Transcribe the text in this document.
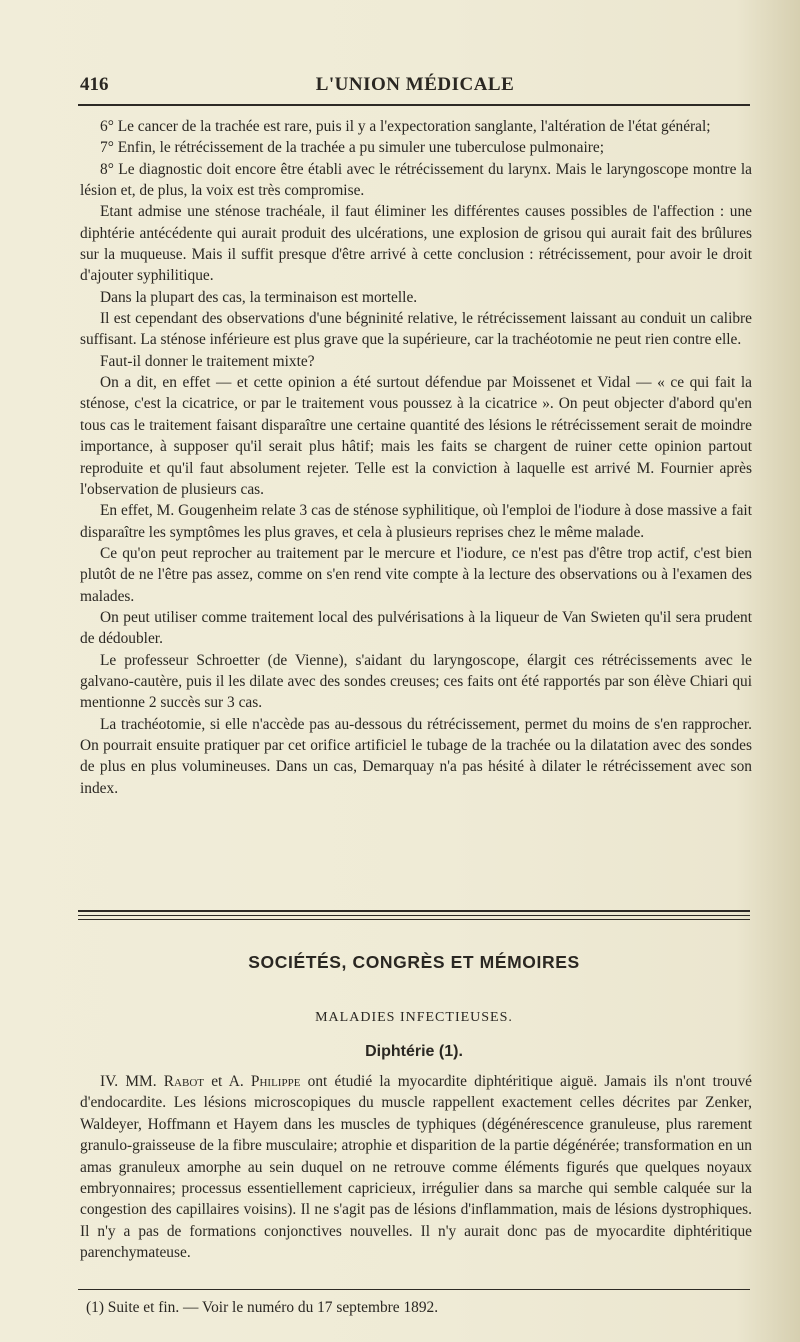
416	L'UNION MÉDICALE

6° Le cancer de la trachée est rare, puis il y a l'expectoration sanglante, l'altération de l'état général;

7° Enfin, le rétrécissement de la trachée a pu simuler une tuberculose pulmonaire;

8° Le diagnostic doit encore être établi avec le rétrécissement du larynx. Mais le laryngoscope montre la lésion et, de plus, la voix est très compromise.

Etant admise une sténose trachéale, il faut éliminer les différentes causes possibles de l'affection : une diphtérie antécédente qui aurait produit des ulcérations, une explosion de grisou qui aurait fait des brûlures sur la muqueuse. Mais il suffit presque d'être arrivé à cette conclusion : rétrécissement, pour avoir le droit d'ajouter syphilitique.

Dans la plupart des cas, la terminaison est mortelle.

Il est cependant des observations d'une bégninité relative, le rétrécissement laissant au conduit un calibre suffisant. La sténose inférieure est plus grave que la supérieure, car la trachéotomie ne peut rien contre elle.

Faut-il donner le traitement mixte?

On a dit, en effet — et cette opinion a été surtout défendue par Moissenet et Vidal — « ce qui fait la sténose, c'est la cicatrice, or par le traitement vous poussez à la cicatrice ». On peut objecter d'abord qu'en tous cas le traitement faisant disparaître une certaine quantité des lésions le rétrécissement serait de moindre importance, à supposer qu'il serait plus hâtif; mais les faits se chargent de ruiner cette opinion partout reproduite et qu'il faut absolument rejeter. Telle est la conviction à laquelle est arrivé M. Fournier après l'observation de plusieurs cas.

En effet, M. Gougenheim relate 3 cas de sténose syphilitique, où l'emploi de l'iodure à dose massive a fait disparaître les symptômes les plus graves, et cela à plusieurs reprises chez le même malade.

Ce qu'on peut reprocher au traitement par le mercure et l'iodure, ce n'est pas d'être trop actif, c'est bien plutôt de ne l'être pas assez, comme on s'en rend vite compte à la lecture des observations ou à l'examen des malades.

On peut utiliser comme traitement local des pulvérisations à la liqueur de Van Swieten qu'il sera prudent de dédoubler.

Le professeur Schroetter (de Vienne), s'aidant du laryngoscope, élargit ces rétrécissements avec le galvano-cautère, puis il les dilate avec des sondes creuses; ces faits ont été rapportés par son élève Chiari qui mentionne 2 succès sur 3 cas.

La trachéotomie, si elle n'accède pas au-dessous du rétrécissement, permet du moins de s'en rapprocher. On pourrait ensuite pratiquer par cet orifice artificiel le tubage de la trachée ou la dilatation avec des sondes de plus en plus volumineuses. Dans un cas, Demarquay n'a pas hésité à dilater le rétrécissement avec son index.

SOCIÉTÉS, CONGRÈS ET MÉMOIRES
MALADIES INFECTIEUSES.
Diphtérie (1).

IV. MM. Rabot et A. Philippe ont étudié la myocardite diphtéritique aiguë. Jamais ils n'ont trouvé d'endocardite. Les lésions microscopiques du muscle rappellent exactement celles décrites par Zenker, Waldeyer, Hoffmann et Hayem dans les muscles de typhiques (dégénérescence granuleuse, plus rarement granulo-graisseuse de la fibre musculaire; atrophie et disparition de la partie dégénérée; transformation en un amas granuleux amorphe au sein duquel on ne retrouve comme éléments figurés que quelques noyaux embryonnaires; processus essentiellement capricieux, irrégulier dans sa marche qui semble calquée sur la congestion des capillaires voisins). Il ne s'agit pas de lésions d'inflammation, mais de lésions dystrophiques. Il n'y a pas de formations conjonctives nouvelles. Il n'y aurait donc pas de myocardite diphtéritique parenchymateuse.

(1) Suite et fin. — Voir le numéro du 17 septembre 1892.
